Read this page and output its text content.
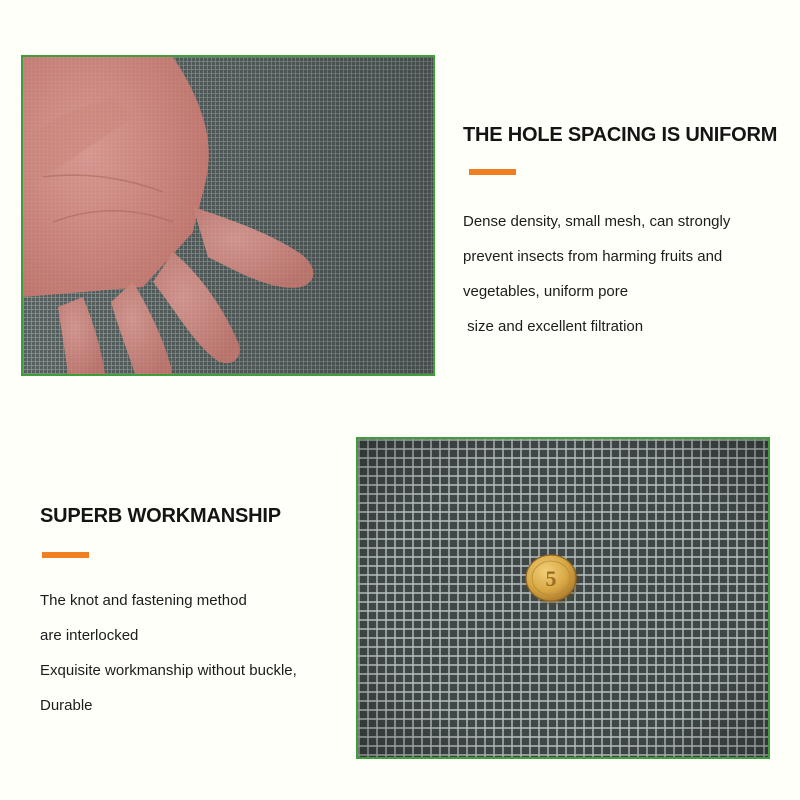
THE HOLE SPACING IS UNIFORM

Dense density, small mesh, can strongly

prevent insects from harming fruits and

vegetables, uniform pore

size and excellent filtration

SUPERB WORKMANSHIP

The knot and fastening method

are interlocked

Exquisite workmanship without buckle,

Durable

5
